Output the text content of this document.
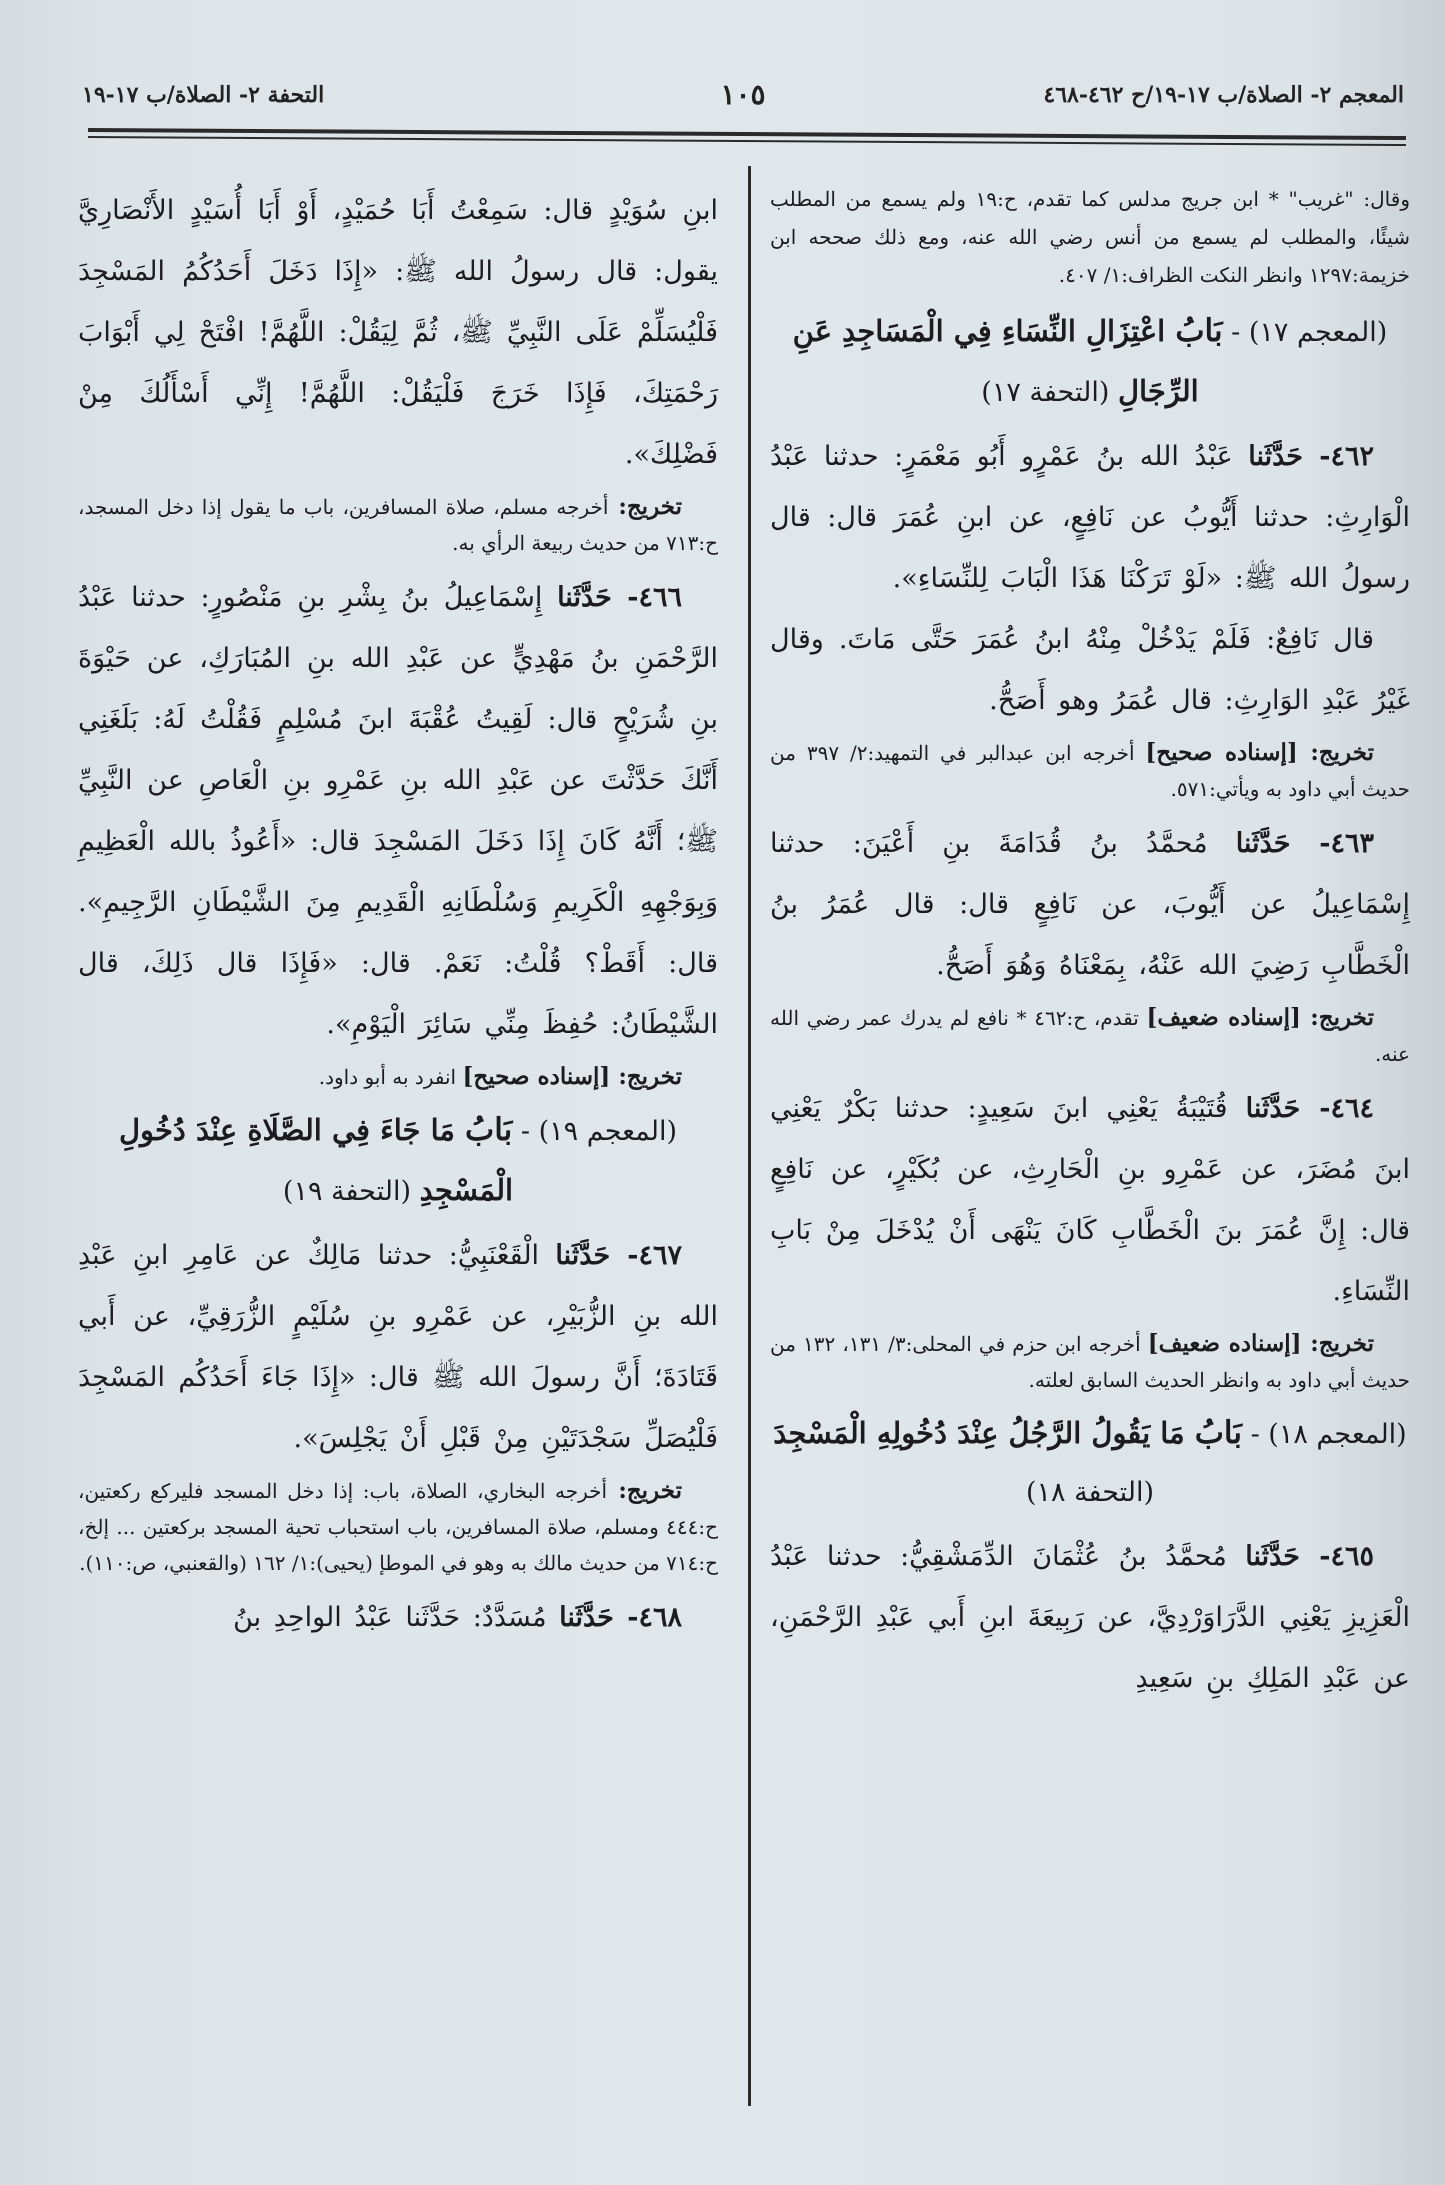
المعجم ٢- الصلاة/ب ١٧-١٩/ح ٤٦٢-٤٦٨
١٠٥
التحفة ٢- الصلاة/ب ١٧-١٩
وقال: "غريب" * ابن جريج مدلس كما تقدم، ح:١٩ ولم يسمع من المطلب شيئًا، والمطلب لم يسمع من أنس رضي الله عنه، ومع ذلك صححه ابن خزيمة:١٢٩٧ وانظر النكت الظراف:١/ ٤٠٧.
(المعجم ١٧) - بَابُ اعْتِزَالِ النِّسَاءِ فِي الْمَسَاجِدِ عَنِ الرِّجَالِ (التحفة ١٧)
٤٦٢- حَدَّثَنا عَبْدُ الله بنُ عَمْرٍو أَبُو مَعْمَرٍ: حدثنا عَبْدُ الْوَارِثِ: حدثنا أَيُّوبُ عن نَافِعٍ، عن ابنِ عُمَرَ قال: قال رسولُ الله ﷺ: «لَوْ تَرَكْنَا هَذَا الْبَابَ لِلنِّسَاءِ».
قال نَافِعٌ: فَلَمْ يَدْخُلْ مِنْهُ ابنُ عُمَرَ حَتَّى مَاتَ. وقال غَيْرُ عَبْدِ الوَارِثِ: قال عُمَرُ وهو أَصَحُّ.
تخريج: [إسناده صحيح] أخرجه ابن عبدالبر في التمهيد:٢/ ٣٩٧ من حديث أبي داود به ويأتي:٥٧١.
٤٦٣- حَدَّثَنا مُحمَّدُ بنُ قُدَامَةَ بنِ أَعْيَنَ: حدثنا إِسْمَاعِيلُ عن أَيُّوبَ، عن نَافِعٍ قال: قال عُمَرُ بنُ الْخَطَّابِ رَضِيَ الله عَنْهُ، بِمَعْنَاهُ وَهُوَ أَصَحُّ.
تخريج: [إسناده ضعيف] تقدم، ح:٤٦٢ * نافع لم يدرك عمر رضي الله عنه.
٤٦٤- حَدَّثَنا قُتَيْبَةُ يَعْنِي ابنَ سَعِيدٍ: حدثنا بَكْرٌ يَعْنِي ابنَ مُضَرَ، عن عَمْرِو بنِ الْحَارِثِ، عن بُكَيْرٍ، عن نَافِعٍ قال: إِنَّ عُمَرَ بنَ الْخَطَّابِ كَانَ يَنْهَى أَنْ يُدْخَلَ مِنْ بَابِ النِّسَاءِ.
تخريج: [إسناده ضعيف] أخرجه ابن حزم في المحلى:٣/ ١٣١، ١٣٢ من حديث أبي داود به وانظر الحديث السابق لعلته.
(المعجم ١٨) - بَابُ مَا يَقُولُ الرَّجُلُ عِنْدَ دُخُولِهِ الْمَسْجِدَ (التحفة ١٨)
٤٦٥- حَدَّثَنا مُحمَّدُ بنُ عُثْمَانَ الدِّمَشْقِيُّ: حدثنا عَبْدُ الْعَزِيزِ يَعْنِي الدَّرَاوَرْدِيَّ، عن رَبِيعَةَ ابنِ أَبي عَبْدِ الرَّحْمَنِ، عن عَبْدِ المَلِكِ بنِ سَعِيدِ
ابنِ سُوَيْدٍ قال: سَمِعْتُ أَبَا حُمَيْدٍ، أَوْ أَبَا أُسَيْدٍ الأَنْصَارِيَّ يقول: قال رسولُ الله ﷺ: «إِذَا دَخَلَ أَحَدُكُمُ المَسْجِدَ فَلْيُسَلِّمْ عَلَى النَّبِيِّ ﷺ، ثُمَّ لِيَقُلْ: اللَّهُمَّ! افْتَحْ لِي أَبْوَابَ رَحْمَتِكَ، فَإِذَا خَرَجَ فَلْيَقُلْ: اللَّهُمَّ! إِنِّي أَسْأَلُكَ مِنْ فَضْلِكَ».
تخريج: أخرجه مسلم، صلاة المسافرين، باب ما يقول إذا دخل المسجد، ح:٧١٣ من حديث ربيعة الرأي به.
٤٦٦- حَدَّثَنا إِسْمَاعِيلُ بنُ بِشْرِ بنِ مَنْصُورٍ: حدثنا عَبْدُ الرَّحْمَنِ بنُ مَهْدِيٍّ عن عَبْدِ الله بنِ المُبَارَكِ، عن حَيْوَةَ بنِ شُرَيْحٍ قال: لَقِيتُ عُقْبَةَ ابنَ مُسْلِمٍ فَقُلْتُ لَهُ: بَلَغَنِي أَنَّكَ حَدَّثْتَ عن عَبْدِ الله بنِ عَمْرِو بنِ الْعَاصِ عن النَّبِيِّ ﷺ؛ أَنَّهُ كَانَ إِذَا دَخَلَ المَسْجِدَ قال: «أَعُوذُ بالله الْعَظِيمِ وَبِوَجْهِهِ الْكَرِيمِ وَسُلْطَانِهِ الْقَدِيمِ مِنَ الشَّيْطَانِ الرَّجِيمِ». قال: أَقَطْ؟ قُلْتُ: نَعَمْ. قال: «فَإِذَا قال ذَلِكَ، قال الشَّيْطَانُ: حُفِظَ مِنِّي سَائِرَ الْيَوْمِ».
تخريج: [إسناده صحيح] انفرد به أبو داود.
(المعجم ١٩) - بَابُ مَا جَاءَ فِي الصَّلَاةِ عِنْدَ دُخُولِ الْمَسْجِدِ (التحفة ١٩)
٤٦٧- حَدَّثَنا الْقَعْنَبِيُّ: حدثنا مَالِكٌ عن عَامِرِ ابنِ عَبْدِ الله بنِ الزُّبَيْرِ، عن عَمْرِو بنِ سُلَيْمٍ الزُّرَقِيِّ، عن أَبي قَتَادَةَ؛ أَنَّ رسولَ الله ﷺ قال: «إِذَا جَاءَ أَحَدُكُم المَسْجِدَ فَلْيُصَلِّ سَجْدَتَيْنِ مِنْ قَبْلِ أَنْ يَجْلِسَ».
تخريج: أخرجه البخاري، الصلاة، باب: إذا دخل المسجد فليركع ركعتين، ح:٤٤٤ ومسلم، صلاة المسافرين، باب استحباب تحية المسجد بركعتين ... إلخ، ح:٧١٤ من حديث مالك به وهو في الموطإ (يحيى):١/ ١٦٢ (والقعنبي، ص:١١٠).
٤٦٨- حَدَّثَنا مُسَدَّدٌ: حَدَّثَنا عَبْدُ الواحِدِ بنُ
